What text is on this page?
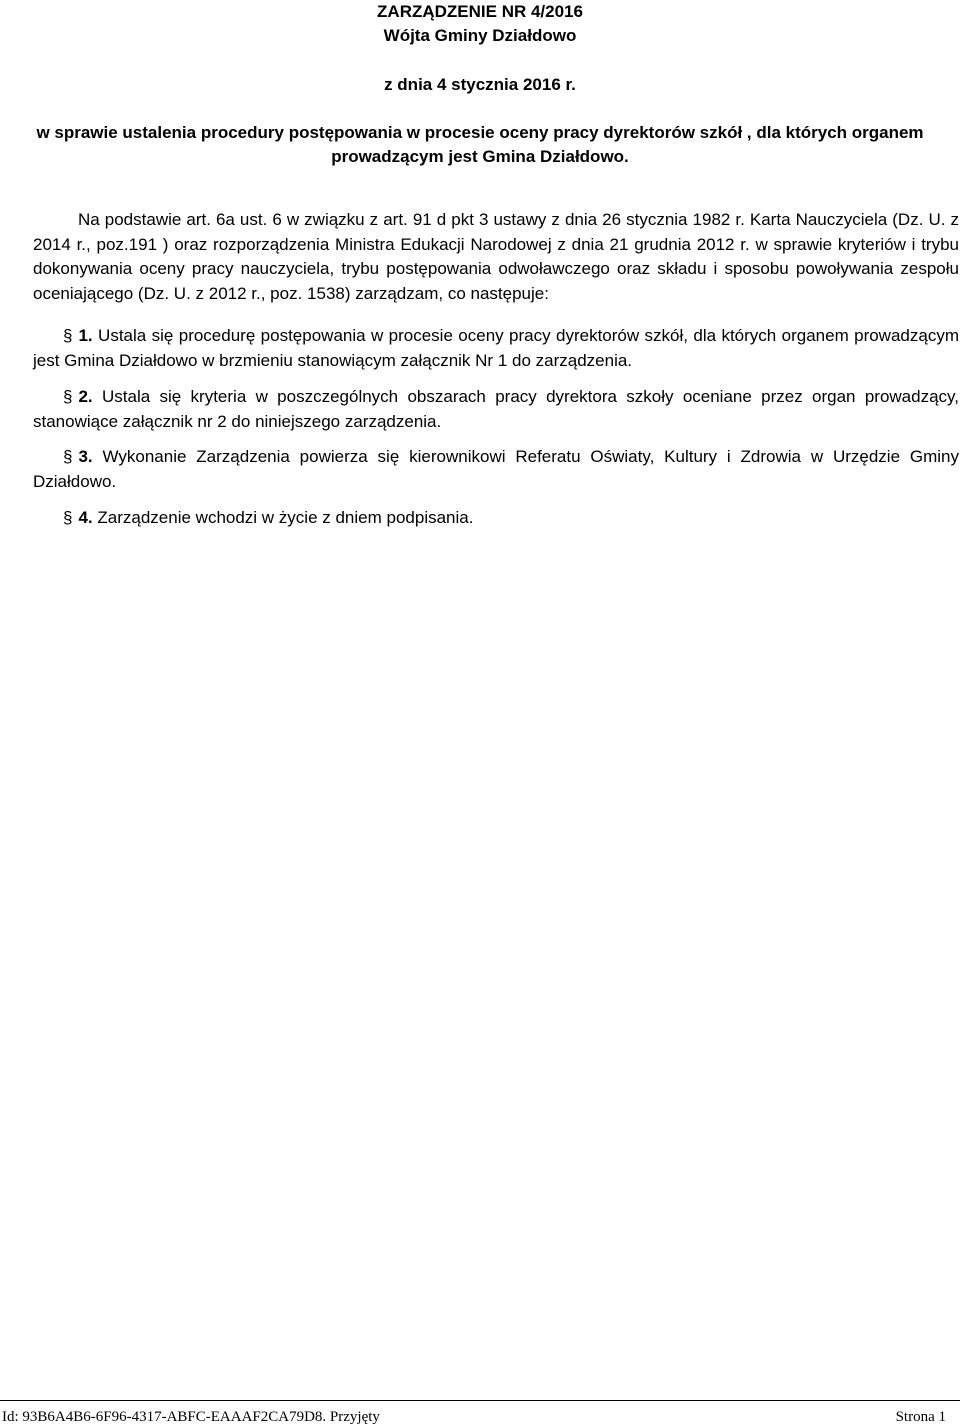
ZARZĄDZENIE NR 4/2016
Wójta Gminy Działdowo
z dnia 4 stycznia 2016 r.
w sprawie ustalenia procedury postępowania w procesie oceny pracy dyrektorów szkół , dla których organem
prowadzącym jest Gmina Działdowo.
Na podstawie art. 6a ust. 6 w związku z art. 91 d pkt 3 ustawy z dnia 26 stycznia 1982 r. Karta Nauczyciela (Dz. U. z 2014 r., poz.191 ) oraz rozporządzenia Ministra Edukacji Narodowej z dnia 21 grudnia 2012 r. w sprawie kryteriów i trybu dokonywania oceny pracy nauczyciela, trybu postępowania odwoławczego oraz składu i sposobu powoływania zespołu oceniającego (Dz. U. z 2012 r., poz. 1538) zarządzam, co następuje:
§ 1. Ustala się procedurę postępowania w procesie oceny pracy dyrektorów szkół, dla których organem prowadzącym jest Gmina Działdowo w brzmieniu stanowiącym załącznik Nr 1 do zarządzenia.
§ 2. Ustala się kryteria w poszczególnych obszarach pracy dyrektora szkoły oceniane przez organ prowadzący, stanowiące załącznik nr 2 do niniejszego zarządzenia.
§ 3. Wykonanie Zarządzenia powierza się kierownikowi Referatu Oświaty, Kultury i Zdrowia w Urzędzie Gminy Działdowo.
§ 4. Zarządzenie wchodzi w życie z dniem podpisania.
Id: 93B6A4B6-6F96-4317-ABFC-EAAAF2CA79D8. Przyjęty	Strona 1
